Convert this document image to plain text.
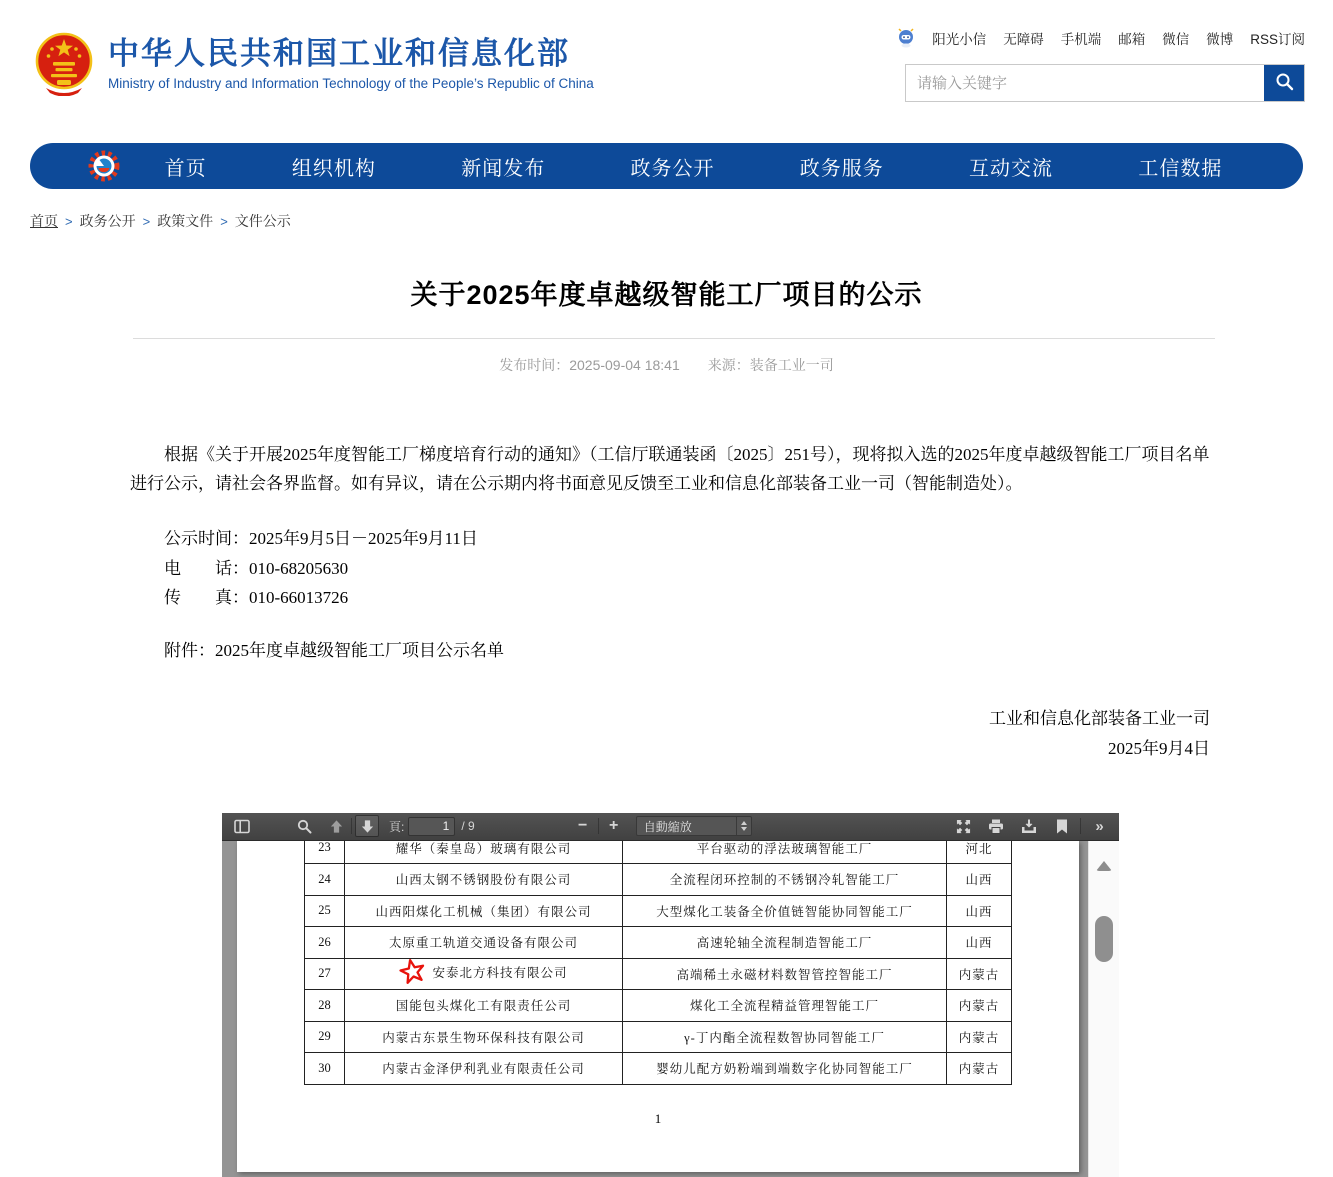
中华人民共和国工业和信息化部
Ministry of Industry and Information Technology of the People’s Republic of China
阳光小信 无障碍 手机端 邮箱 微信 微博 RSS订阅
请输入关键字
首页	组织机构	新闻发布	政务公开	政务服务	互动交流	工信数据
首页 > 政务公开 > 政策文件 > 文件公示
关于2025年度卓越级智能工厂项目的公示
发布时间：2025-09-04 18:41 来源：装备工业一司

根据《关于开展2025年度智能工厂梯度培育行动的通知》（工信厅联通装函〔2025〕251号），现将拟入选的2025年度卓越级智能工厂项目名单进行公示，请社会各界监督。如有异议，请在公示期内将书面意见反馈至工业和信息化部装备工业一司（智能制造处）。

公示时间：2025年9月5日－2025年9月11日
电　　话：010-68205630
传　　真：010-66013726
附件：2025年度卓越级智能工厂项目公示名单
工业和信息化部装备工业一司
2025年9月4日
頁:
1	/ 9	−	+	自動縮放	»
23	耀华（秦皇岛）玻璃有限公司	平台驱动的浮法玻璃智能工厂	河北
24	山西太钢不锈钢股份有限公司	全流程闭环控制的不锈钢冷轧智能工厂	山西
25	山西阳煤化工机械（集团）有限公司	大型煤化工装备全价值链智能协同智能工厂	山西
26	太原重工轨道交通设备有限公司	高速轮轴全流程制造智能工厂	山西
27	安泰北方科技有限公司	高端稀土永磁材料数智管控智能工厂	内蒙古
28	国能包头煤化工有限责任公司	煤化工全流程精益管理智能工厂	内蒙古
29	内蒙古东景生物环保科技有限公司	γ-丁内酯全流程数智协同智能工厂	内蒙古
30	内蒙古金泽伊利乳业有限责任公司	婴幼儿配方奶粉端到端数字化协同智能工厂	内蒙古
1
